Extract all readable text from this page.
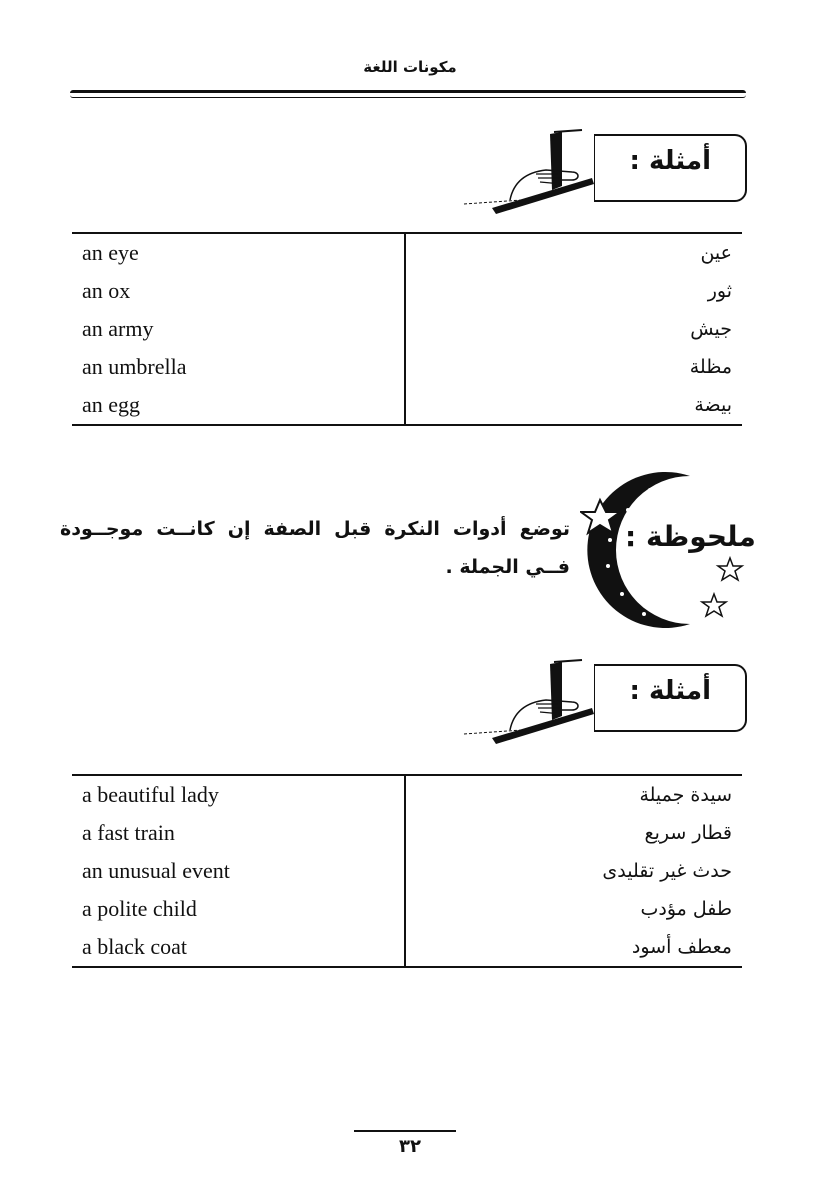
مكونات اللغة
أمثلة :
an eye	عين
an ox	ثور
an army	جيش
an umbrella	مظلة
an egg	بيضة
ملحوظة :
توضع أدوات النكرة قبل الصفة إن كانــت موجــودة فــي الجملة .
أمثلة :
a beautiful lady	سيدة جميلة
a fast train	قطار سريع
an unusual event	حدث غير تقليدى
a polite child	طفل مؤدب
a black coat	معطف أسود
٣٢
